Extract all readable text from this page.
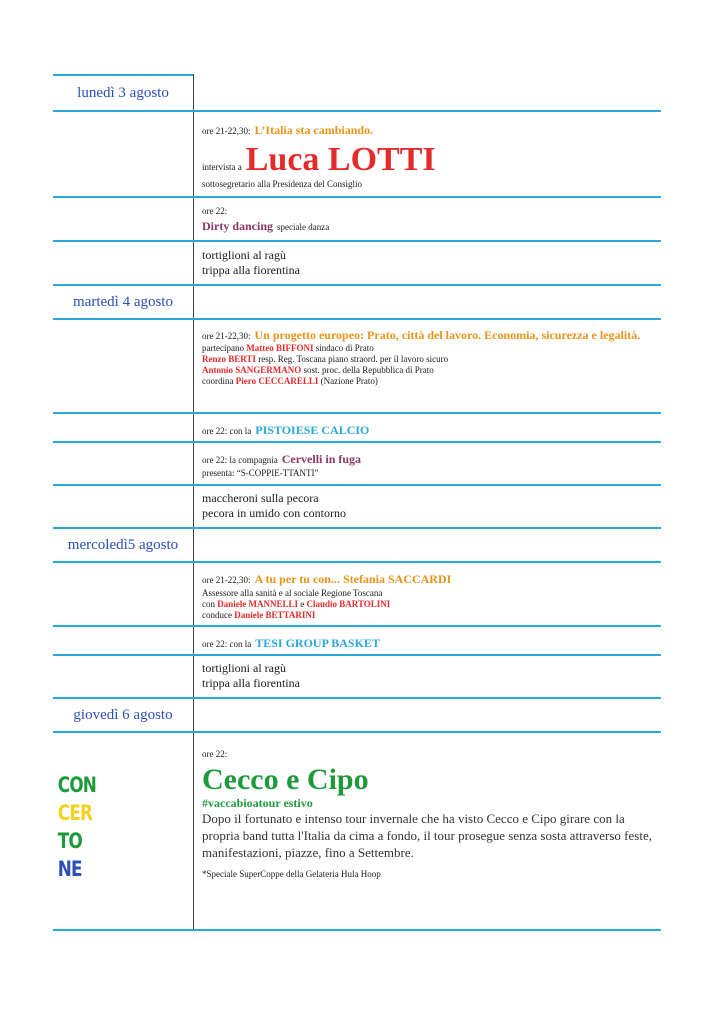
lunedì 3 agosto
ore 21-22,30: L’Italia sta cambiando.
intervista a Luca LOTTI
sottosegretario alla Presidenza del Consiglio
ore 22:
Dirty dancing speciale danza
tortiglioni al ragù
trippa alla fiorentina
martedì 4 agosto
ore 21-22,30: Un progetto europeo: Prato, città del lavoro. Economia, sicurezza e legalità.
partecipano Matteo BIFFONI sindaco di Prato
Renzo BERTI resp. Reg. Toscana piano straord. per il lavoro sicuro
Antonio SANGERMANO sost. proc. della Repubblica di Prato
coordina Piero CECCARELLI (Nazione Prato)
ore 22: con la PISTOIESE CALCIO
ore 22: la compagnia Cervelli in fuga
presenta: “S-COPPIE-TTANTI”
maccheroni sulla pecora
pecora in umido con contorno
mercoledì5 agosto
ore 21-22,30: A tu per tu con... Stefania SACCARDI
Assessore alla sanità e al sociale Regione Toscana
con Daniele MANNELLI e Claudio BARTOLINI
conduce Daniele BETTARINI
ore 22: con la TESI GROUP BASKET
tortiglioni al ragù
trippa alla fiorentina
giovedì 6 agosto
CON
CER
TO
NE
ore 22:
Cecco e Cipo
#vaccabioatour estivo
Dopo il fortunato e intenso tour invernale che ha visto Cecco e Cipo girare con la propria band tutta l'Italia da cima a fondo, il tour prosegue senza sosta attraverso feste, manifestazioni, piazze, fino a Settembre.
*Speciale SuperCoppe della Gelateria Hula Hoop
